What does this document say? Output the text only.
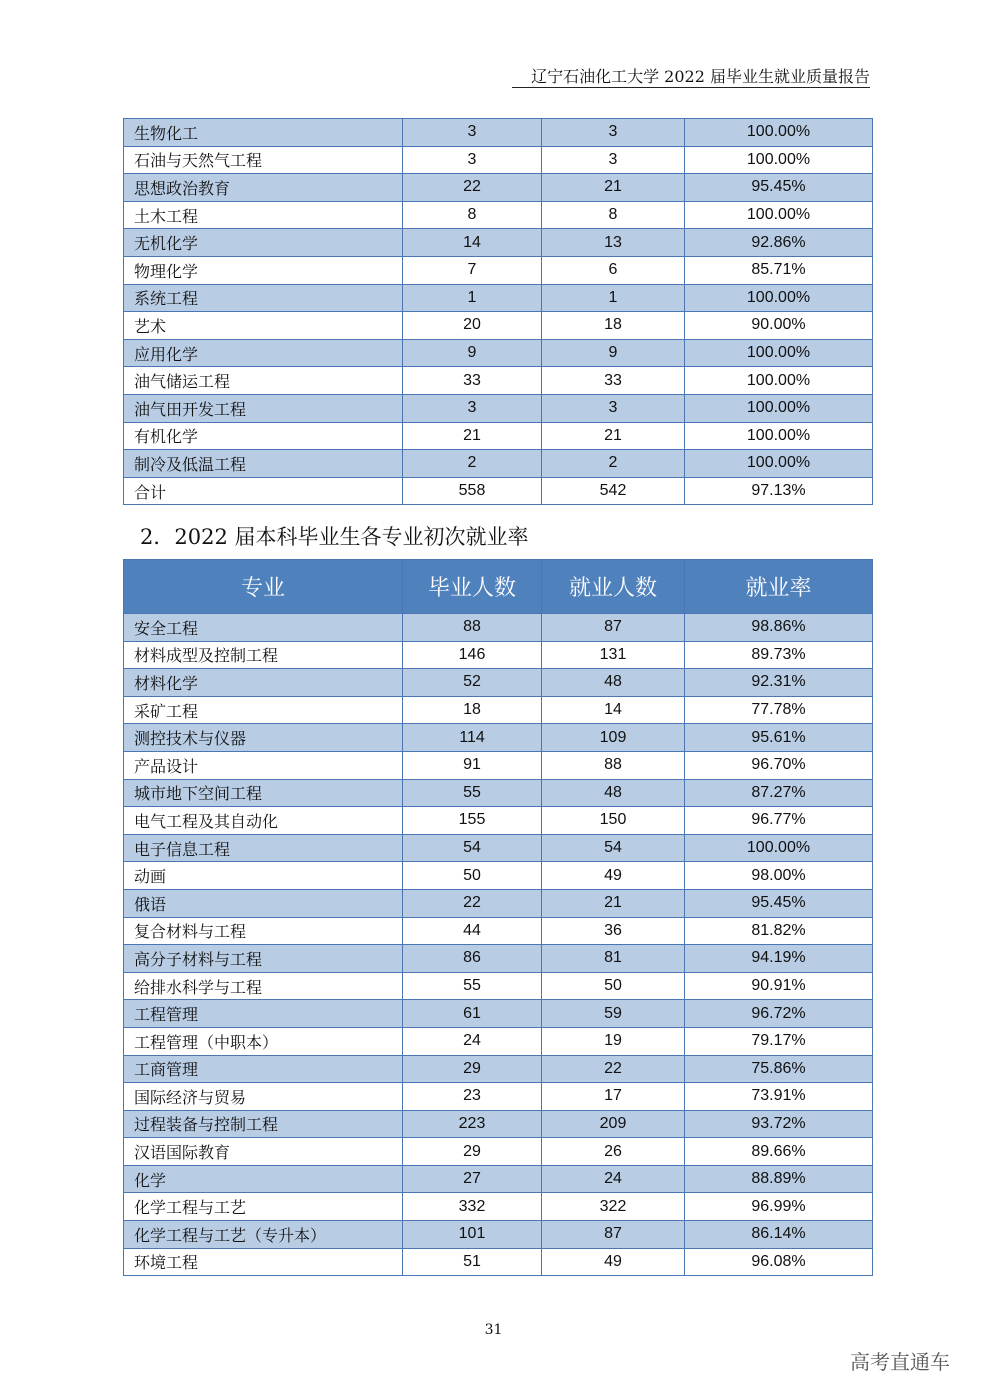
辽宁石油化工大学 2022 届毕业生就业质量报告
生物化工	3	3	100.00%
石油与天然气工程	3	3	100.00%
思想政治教育	22	21	95.45%
土木工程	8	8	100.00%
无机化学	14	13	92.86%
物理化学	7	6	85.71%
系统工程	1	1	100.00%
艺术	20	18	90.00%
应用化学	9	9	100.00%
油气储运工程	33	33	100.00%
油气田开发工程	3	3	100.00%
有机化学	21	21	100.00%
制冷及低温工程	2	2	100.00%
合计	558	542	97.13%
2．2022 届本科毕业生各专业初次就业率
专业	毕业人数	就业人数	就业率
安全工程	88	87	98.86%
材料成型及控制工程	146	131	89.73%
材料化学	52	48	92.31%
采矿工程	18	14	77.78%
测控技术与仪器	114	109	95.61%
产品设计	91	88	96.70%
城市地下空间工程	55	48	87.27%
电气工程及其自动化	155	150	96.77%
电子信息工程	54	54	100.00%
动画	50	49	98.00%
俄语	22	21	95.45%
复合材料与工程	44	36	81.82%
高分子材料与工程	86	81	94.19%
给排水科学与工程	55	50	90.91%
工程管理	61	59	96.72%
工程管理（中职本）	24	19	79.17%
工商管理	29	22	75.86%
国际经济与贸易	23	17	73.91%
过程装备与控制工程	223	209	93.72%
汉语国际教育	29	26	89.66%
化学	27	24	88.89%
化学工程与工艺	332	322	96.99%
化学工程与工艺（专升本）	101	87	86.14%
环境工程	51	49	96.08%
31
高考直通车
